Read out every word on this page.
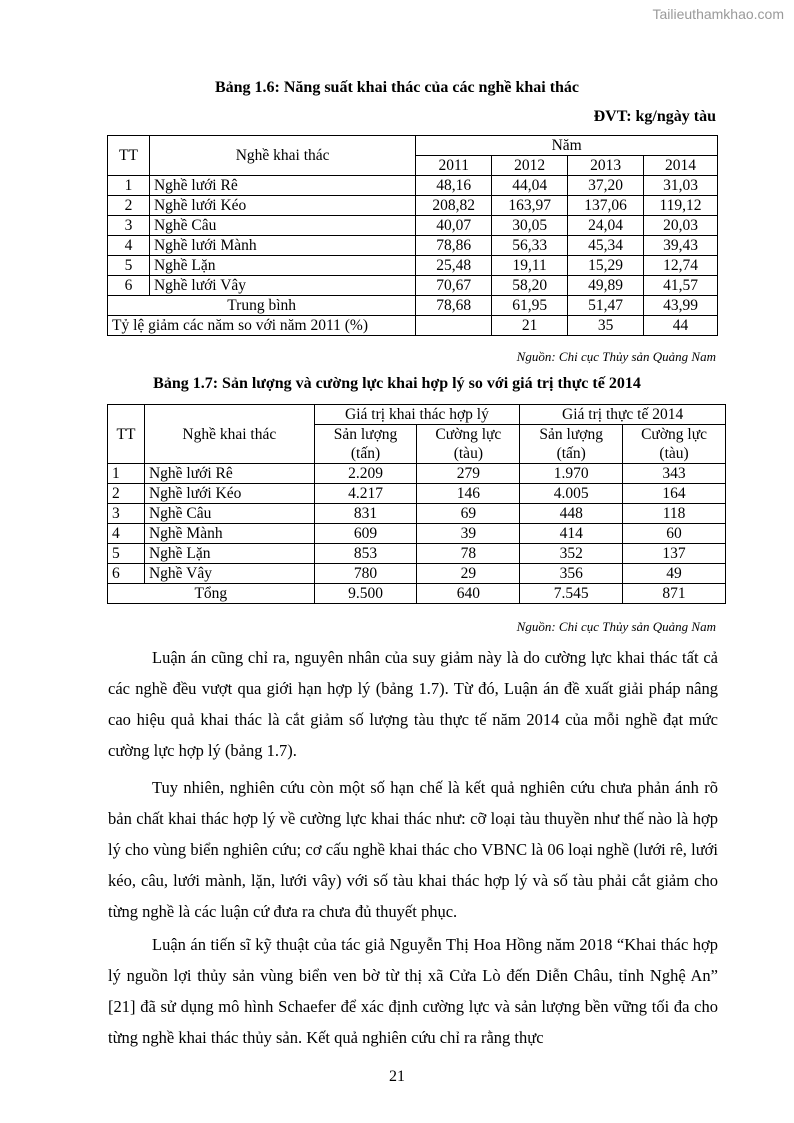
Tailieuthamkhao.com
Bảng 1.6: Năng suất khai thác của các nghề khai thác
ĐVT: kg/ngày tàu
TT	Nghề khai thác	Năm			
		2011	2012	2013	2014
1	Nghề lưới Rê	48,16	44,04	37,20	31,03
2	Nghề lưới Kéo	208,82	163,97	137,06	119,12
3	Nghề Câu	40,07	30,05	24,04	20,03
4	Nghề lưới Mành	78,86	56,33	45,34	39,43
5	Nghề Lặn	25,48	19,11	15,29	12,74
6	Nghề lưới Vây	70,67	58,20	49,89	41,57
Trung bình		78,68	61,95	51,47	43,99
Tỷ lệ giảm các năm so với năm 2011 (%)			21	35	44
Nguồn: Chi cục Thủy sản Quảng Nam
Bảng 1.7: Sản lượng và cường lực khai hợp lý so với giá trị thực tế 2014
TT	Nghề khai thác	Giá trị khai thác hợp lý		Giá trị thực tế 2014	
		Sản lượng	Cường lực	Sản lượng	Cường lực
		(tấn)	(tàu)	(tấn)	(tàu)
1	Nghề lưới Rê	2.209	279	1.970	343
2	Nghề lưới Kéo	4.217	146	4.005	164
3	Nghề Câu	831	69	448	118
4	Nghề Mành	609	39	414	60
5	Nghề Lặn	853	78	352	137
6	Nghề Vây	780	29	356	49
Tổng		9.500	640	7.545	871
Nguồn: Chi cục Thủy sản Quảng Nam

Luận án cũng chỉ ra, nguyên nhân của suy giảm này là do cường lực khai thác tất cả các nghề đều vượt qua giới hạn hợp lý (bảng 1.7). Từ đó, Luận án đề xuất giải pháp nâng cao hiệu quả khai thác là cắt giảm số lượng tàu thực tế năm 2014 của mỗi nghề đạt mức cường lực hợp lý (bảng 1.7).

Tuy nhiên, nghiên cứu còn một số hạn chế là kết quả nghiên cứu chưa phản ánh rõ bản chất khai thác hợp lý về cường lực khai thác như: cỡ loại tàu thuyền như thế nào là hợp lý cho vùng biển nghiên cứu; cơ cấu nghề khai thác cho VBNC là 06 loại nghề (lưới rê, lưới kéo, câu, lưới mành, lặn, lưới vây) với số tàu khai thác hợp lý và số tàu phải cắt giảm cho từng nghề là các luận cứ đưa ra chưa đủ thuyết phục.

Luận án tiến sĩ kỹ thuật của tác giả Nguyễn Thị Hoa Hồng năm 2018 “Khai thác hợp lý nguồn lợi thủy sản vùng biển ven bờ từ thị xã Cửa Lò đến Diễn Châu, tỉnh Nghệ An” [21] đã sử dụng mô hình Schaefer để xác định cường lực và sản lượng bền vững tối đa cho từng nghề khai thác thủy sản. Kết quả nghiên cứu chỉ ra rằng thực

21
